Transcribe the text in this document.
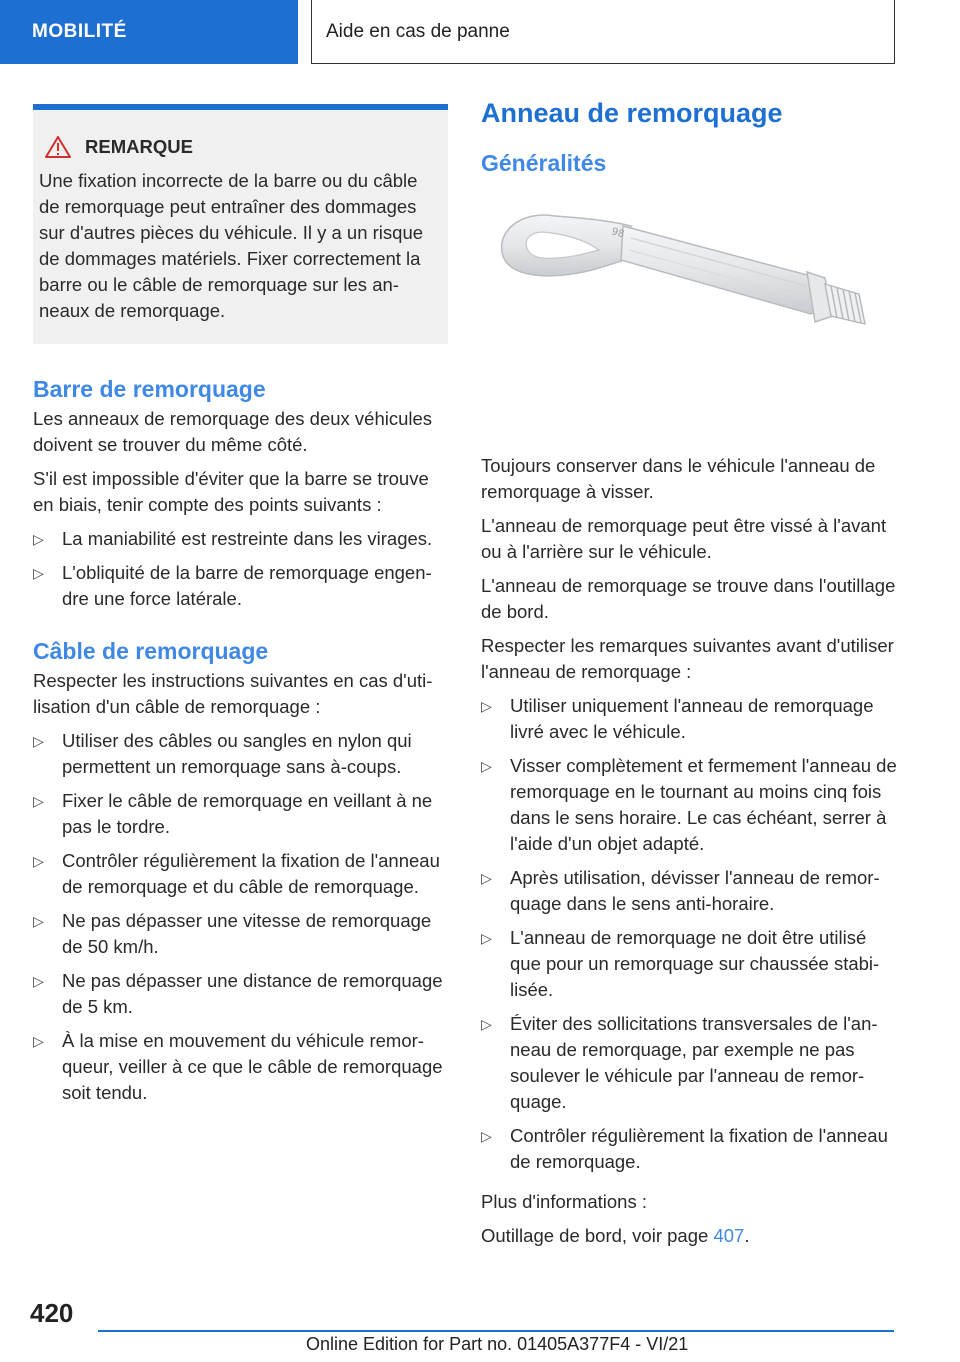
MOBILITÉ	Aide en cas de panne
REMARQUE

Une fixation incorrecte de la barre ou du câble de remorquage peut entraîner des dommages sur d'autres pièces du véhicule. Il y a un risque de dommages matériels. Fixer correctement la barre ou le câble de remorquage sur les anneaux de remorquage.

Barre de remorquage

Les anneaux de remorquage des deux véhicules doivent se trouver du même côté.

S'il est impossible d'éviter que la barre se trouve en biais, tenir compte des points suivants :

▷ La maniabilité est restreinte dans les virages.
▷ L'obliquité de la barre de remorquage engendre une force latérale.
Câble de remorquage

Respecter les instructions suivantes en cas d'utilisation d'un câble de remorquage :

▷ Utiliser des câbles ou sangles en nylon qui permettent un remorquage sans à-coups.
▷ Fixer le câble de remorquage en veillant à ne pas le tordre.
▷ Contrôler régulièrement la fixation de l'anneau de remorquage et du câble de remorquage.
▷ Ne pas dépasser une vitesse de remorquage de 50 km/h.
▷ Ne pas dépasser une distance de remorquage de 5 km.
▷ À la mise en mouvement du véhicule remorqueur, veiller à ce que le câble de remorquage soit tendu.
Anneau de remorquage
Généralités
98

Toujours conserver dans le véhicule l'anneau de remorquage à visser.

L'anneau de remorquage peut être vissé à l'avant ou à l'arrière sur le véhicule.

L'anneau de remorquage se trouve dans l'outillage de bord.

Respecter les remarques suivantes avant d'utiliser l'anneau de remorquage :

▷ Utiliser uniquement l'anneau de remorquage livré avec le véhicule.
▷ Visser complètement et fermement l'anneau de remorquage en le tournant au moins cinq fois dans le sens horaire. Le cas échéant, serrer à l'aide d'un objet adapté.
▷ Après utilisation, dévisser l'anneau de remorquage dans le sens anti-horaire.
▷ L'anneau de remorquage ne doit être utilisé que pour un remorquage sur chaussée stabilisée.
▷ Éviter des sollicitations transversales de l'anneau de remorquage, par exemple ne pas soulever le véhicule par l'anneau de remorquage.
▷ Contrôler régulièrement la fixation de l'anneau de remorquage.

Plus d'informations :

Outillage de bord, voir page 407.

420
Online Edition for Part no. 01405A377F4 - VI/21
